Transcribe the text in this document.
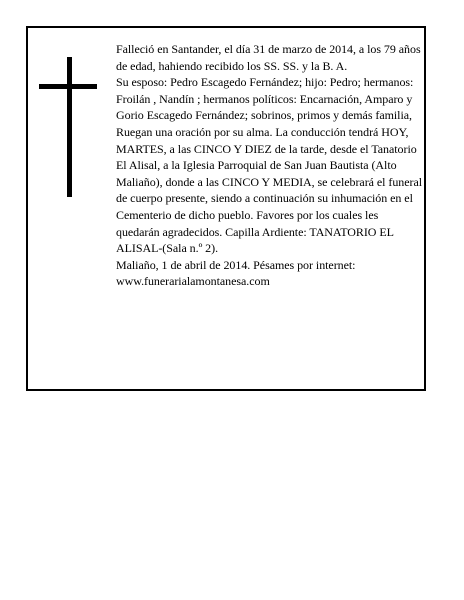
Falleció en Santander, el día 31 de marzo de 2014, a los 79 años de edad, hahiendo recibido los SS. SS. y la B. A.

Su esposo: Pedro Escagedo Fernández; hijo: Pedro; hermanos: Froilán , Nandín ; hermanos políticos: Encarnación, Amparo y Gorio Escagedo Fernández; sobrinos, primos y demás familia,

Ruegan una oración por su alma. La conducción tendrá HOY, MARTES, a las CINCO Y DIEZ de la tarde, desde el Tanatorio El Alisal, a la Iglesia Parroquial de San Juan Bautista (Alto Maliaño), donde a las CINCO Y MEDIA, se celebrará el funeral de cuerpo presente, siendo a continuación su inhumación en el Cementerio de dicho pueblo. Favores por los cuales les quedarán agradecidos. Capilla Ardiente: TANATORIO EL ALISAL-(Sala n.º 2).

Maliaño, 1 de abril de 2014. Pésames por internet: www.funerarialamontanesa.com
